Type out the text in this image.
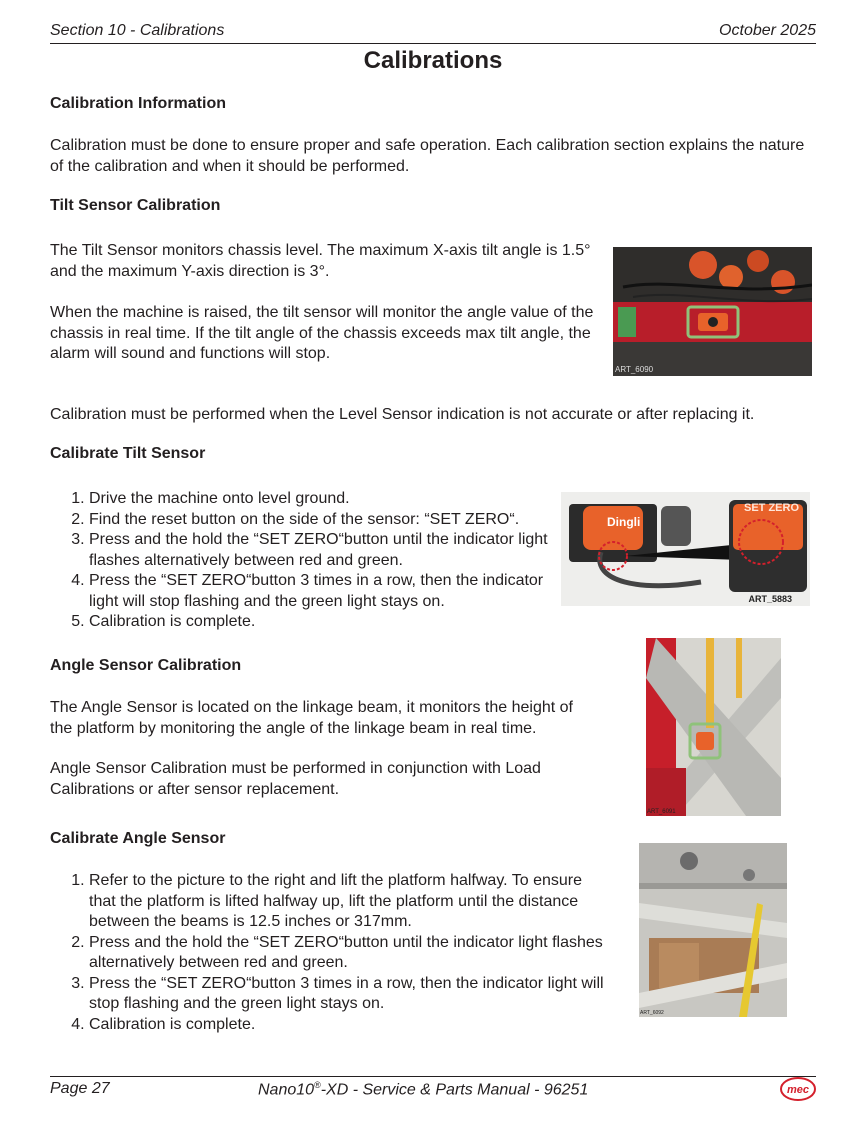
Section 10 - Calibrations	October 2025
Calibrations
Calibration Information
Calibration must be done to ensure proper and safe operation. Each calibration section explains the nature of the calibration and when it should be performed.
Tilt Sensor Calibration
The Tilt Sensor monitors chassis level. The maximum X-axis tilt angle is 1.5° and the maximum Y-axis direction is 3°.
When the machine is raised, the tilt sensor will monitor the angle value of the chassis in real time. If the tilt angle of the chassis exceeds max tilt angle, the alarm will sound and functions will stop.
ART_6090
Calibration must be performed when the Level Sensor indication is not accurate or after replacing it.
Calibrate Tilt Sensor
1. Drive the machine onto level ground.
2. Find the reset button on the side of the sensor: “SET ZERO“.
3. Press and the hold the “SET ZERO“button until the indicator light flashes alternatively between red and green.
4. Press the “SET ZERO“button 3 times in a row, then the indicator light will stop flashing and the green light stays on.
5. Calibration is complete.
Dingli
SET ZERO
ART_5883
Angle Sensor Calibration
The Angle Sensor is located on the linkage beam, it monitors the height of the platform by monitoring the angle of the linkage beam in real time.
Angle Sensor Calibration must be performed in conjunction with Load Calibrations or after sensor replacement.
ART_6091
Calibrate Angle Sensor
1. Refer to the picture to the right and lift the platform halfway. To ensure that the platform is lifted halfway up, lift the platform until the distance between the beams is 12.5 inches or 317mm.
2. Press and the hold the “SET ZERO“button until the indicator light flashes alternatively between red and green.
3. Press the “SET ZERO“button 3 times in a row, then the indicator light will stop flashing and the green light stays on.
4. Calibration is complete.
ART_6092
Page 27	Nano10®-XD - Service & Parts Manual - 96251	mec
